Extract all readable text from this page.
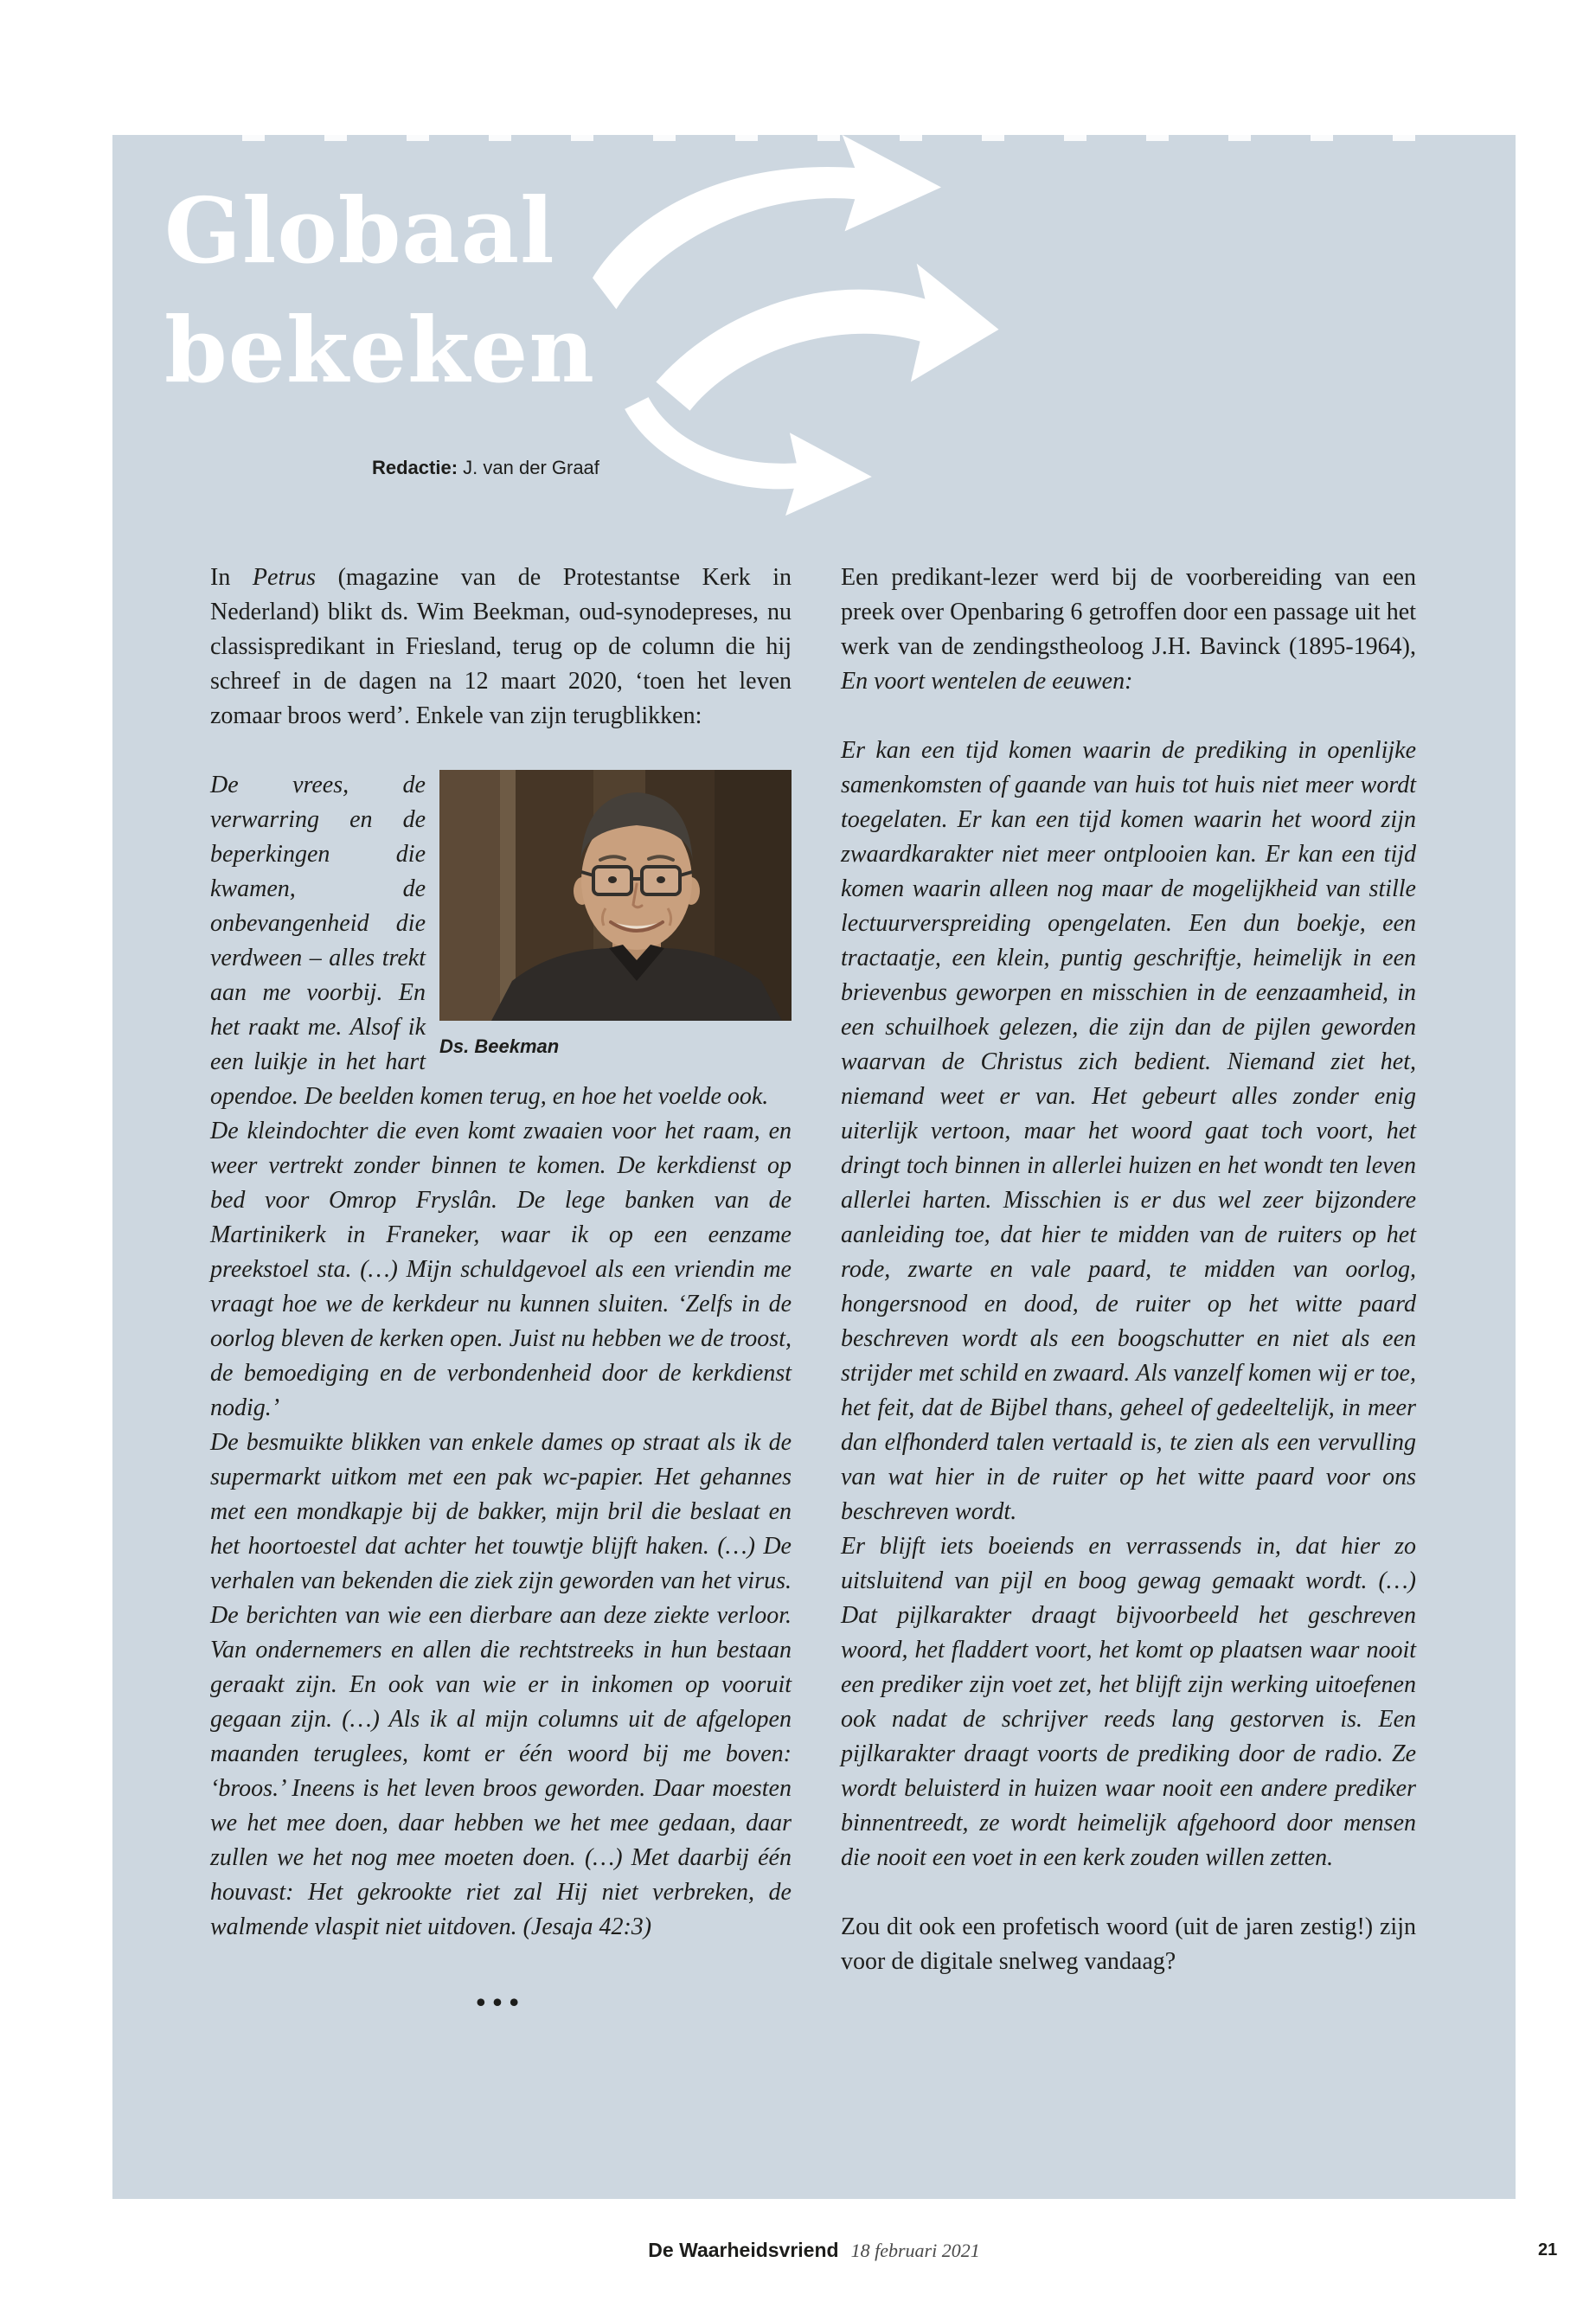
Globaal
bekeken
Redactie: J. van der Graaf

In Petrus (magazine van de Protestantse Kerk in Nederland) blikt ds. Wim Beekman, oud-synodepreses, nu classispredikant in Friesland, terug op de column die hij schreef in de dagen na 12 maart 2020, ‘toen het leven zomaar broos werd’. Enkele van zijn terugblikken:

Ds. Beekman

De vrees, de verwarring en de beperkingen die kwamen, de onbevangenheid die verdween – alles trekt aan me voorbij. En het raakt me. Alsof ik een luikje in het hart opendoe. De beelden komen terug, en hoe het voelde ook.

De kleindochter die even komt zwaaien voor het raam, en weer vertrekt zonder binnen te komen. De kerkdienst op bed voor Omrop Fryslân. De lege banken van de Martinikerk in Franeker, waar ik op een eenzame preekstoel sta. (…) Mijn schuldgevoel als een vriendin me vraagt hoe we de kerkdeur nu kunnen sluiten. ‘Zelfs in de oorlog bleven de kerken open. Juist nu hebben we de troost, de bemoediging en de verbondenheid door de kerkdienst nodig.’

De besmuikte blikken van enkele dames op straat als ik de supermarkt uitkom met een pak wc-papier. Het gehannes met een mondkapje bij de bakker, mijn bril die beslaat en het hoortoestel dat achter het touwtje blijft haken. (…) De verhalen van bekenden die ziek zijn geworden van het virus. De berichten van wie een dierbare aan deze ziekte verloor. Van ondernemers en allen die rechtstreeks in hun bestaan geraakt zijn. En ook van wie er in inkomen op vooruit gegaan zijn. (…) Als ik al mijn columns uit de afgelopen maanden teruglees, komt er één woord bij me boven: ‘broos.’ Ineens is het leven broos geworden. Daar moesten we het mee doen, daar hebben we het mee gedaan, daar zullen we het nog mee moeten doen. (…) Met daarbij één houvast: Het gekrookte riet zal Hij niet verbreken, de walmende vlaspit niet uitdoven. (Jesaja 42:3)

•••

Een predikant-lezer werd bij de voorbereiding van een preek over Openbaring 6 getroffen door een passage uit het werk van de zendingstheoloog J.H. Bavinck (1895-1964), En voort wentelen de eeuwen:

Er kan een tijd komen waarin de prediking in openlijke samenkomsten of gaande van huis tot huis niet meer wordt toegelaten. Er kan een tijd komen waarin het woord zijn zwaardkarakter niet meer ontplooien kan. Er kan een tijd komen waarin alleen nog maar de mogelijkheid van stille lectuurverspreiding opengelaten. Een dun boekje, een tractaatje, een klein, puntig geschriftje, heimelijk in een brievenbus geworpen en misschien in de eenzaamheid, in een schuilhoek gelezen, die zijn dan de pijlen geworden waarvan de Christus zich bedient. Niemand ziet het, niemand weet er van. Het gebeurt alles zonder enig uiterlijk vertoon, maar het woord gaat toch voort, het dringt toch binnen in allerlei huizen en het wondt ten leven allerlei harten. Misschien is er dus wel zeer bijzondere aanleiding toe, dat hier te midden van de ruiters op het rode, zwarte en vale paard, te midden van oorlog, hongersnood en dood, de ruiter op het witte paard beschreven wordt als een boogschutter en niet als een strijder met schild en zwaard. Als vanzelf komen wij er toe, het feit, dat de Bijbel thans, geheel of gedeeltelijk, in meer dan elfhonderd talen vertaald is, te zien als een vervulling van wat hier in de ruiter op het witte paard voor ons beschreven wordt.

Er blijft iets boeiends en verrassends in, dat hier zo uitsluitend van pijl en boog gewag gemaakt wordt. (…) Dat pijlkarakter draagt bijvoorbeeld het geschreven woord, het fladdert voort, het komt op plaatsen waar nooit een prediker zijn voet zet, het blijft zijn werking uitoefenen ook nadat de schrijver reeds lang gestorven is. Een pijlkarakter draagt voorts de prediking door de radio. Ze wordt beluisterd in huizen waar nooit een andere prediker binnentreedt, ze wordt heimelijk afgehoord door mensen die nooit een voet in een kerk zouden willen zetten.

Zou dit ook een profetisch woord (uit de jaren zestig!) zijn voor de digitale snelweg vandaag?

De Waarheidsvriend 18 februari 2021	21
